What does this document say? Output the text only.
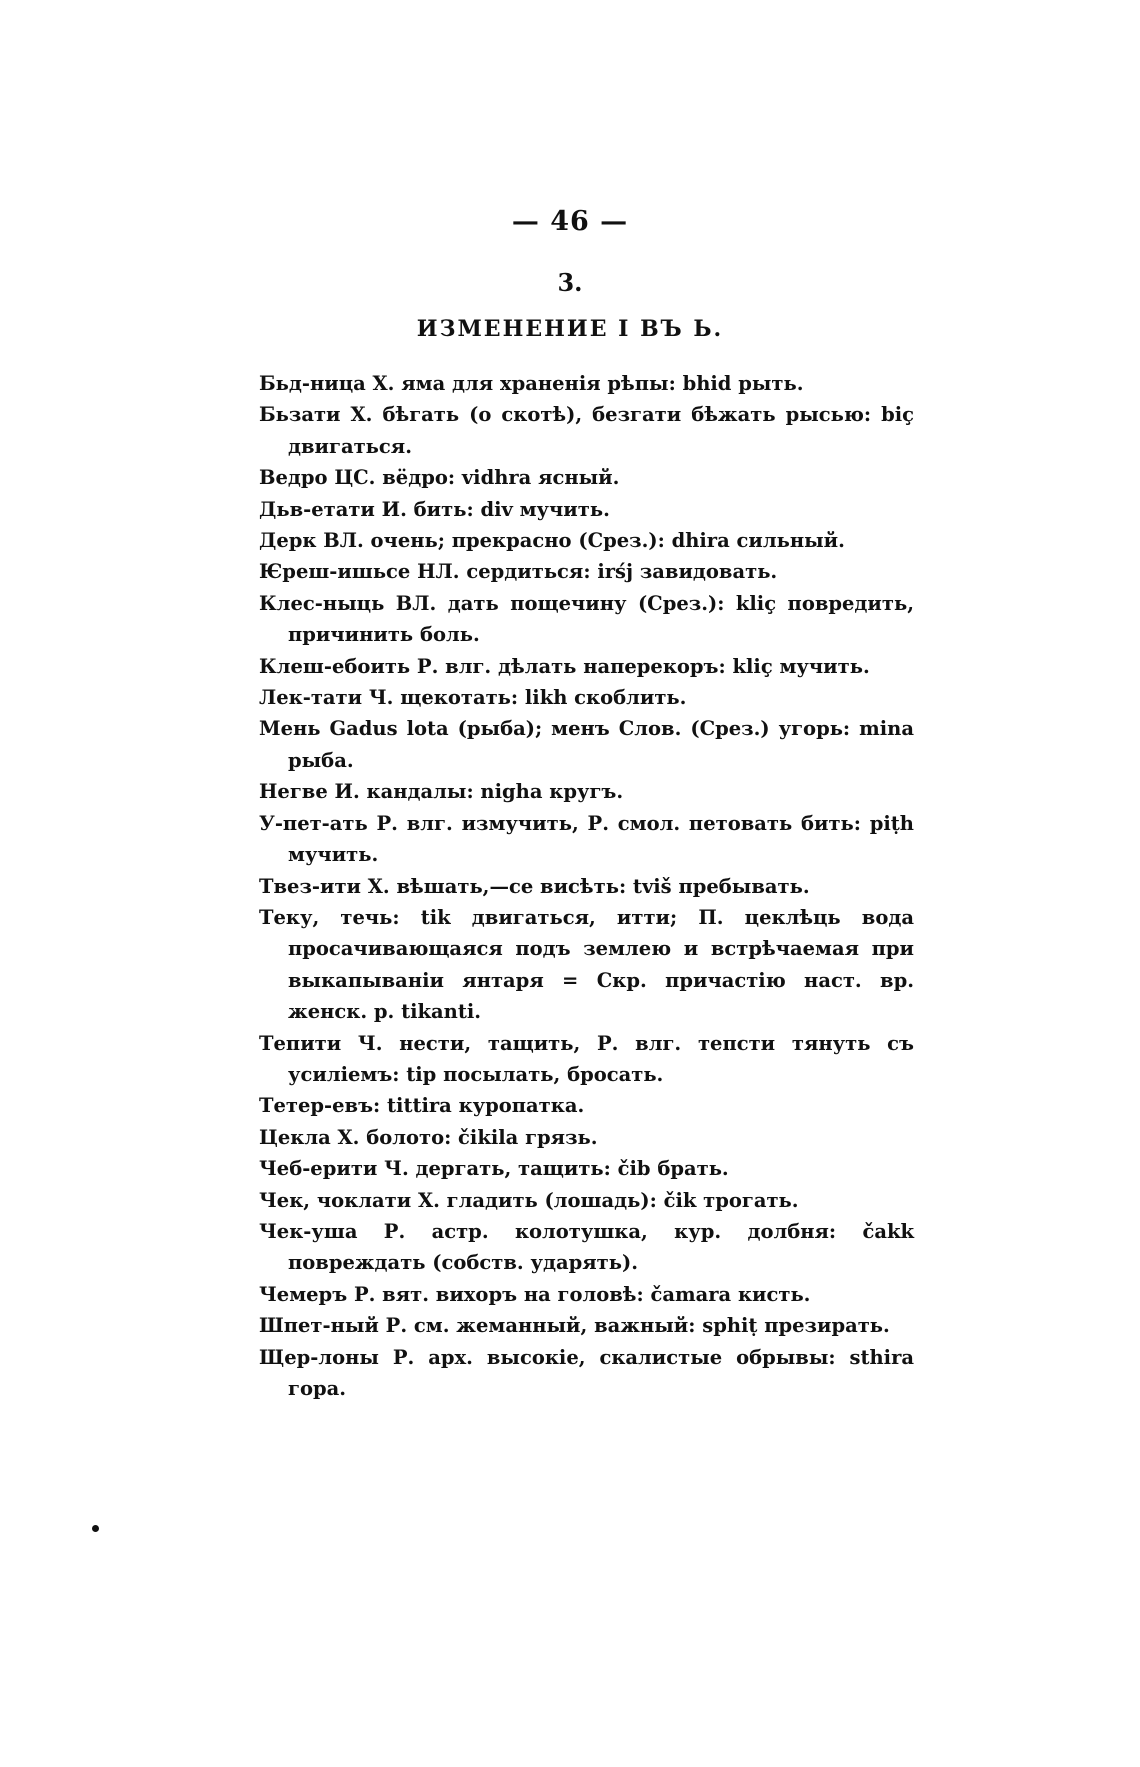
— 46 —
3.
ИЗМЕНЕНИЕ I ВЪ Ь.
Бьд-ница Х. яма для храненія рѣпы: bhid рыть.
Бьзати Х. бѣгать (о скотѣ), безгати бѣжать рысью: biç двигаться.
Ведро ЦС. вёдро: vidhra ясный.
Дьв-етати И. бить: div мучить.
Дерк ВЛ. очень; прекрасно (Срез.): dhira сильный.
Ѥреш-ишьсе НЛ. сердиться: irśj завидовать.
Клес-ныць ВЛ. дать пощечину (Срез.): kliç повредить, причинить боль.
Клеш-ебоить Р. влг. дѣлать наперекоръ: kliç мучить.
Лек-тати Ч. щекотать: likh скоблить.
Мень Gadus lota (рыба); менъ Слов. (Срез.) угорь: mina рыба.
Негве И. кандалы: nigha кругъ.
У-пет-ать Р. влг. измучить, Р. смол. петовать бить: piṭh мучить.
Твез-ити Х. вѣшать,—се висѣть: tviš пребывать.
Теку, течь: tik двигаться, итти; П. цеклѣць вода просачивающаяся подъ землею и встрѣчаемая при выкапываніи янтаря = Скр. причастію наст. вр. женск. р. tikanti.
Тепити Ч. нести, тащить, Р. влг. тепсти тянуть съ усиліемъ: tip посылать, бросать.
Тетер-евъ: tittira куропатка.
Цекла Х. болото: čikila грязь.
Чеб-ерити Ч. дергать, тащить: čib брать.
Чек, чоклати Х. гладить (лошадь): čik трогать.
Чек-уша Р. астр. колотушка, кур. долбня: čakk повреждать (собств. ударять).
Чемеръ Р. вят. вихоръ на головѣ: čamara кисть.
Шпет-ный Р. см. жеманный, важный: sphiṭ презирать.
Щер-лоны Р. арх. высокіе, скалистые обрывы: sthira гора.
